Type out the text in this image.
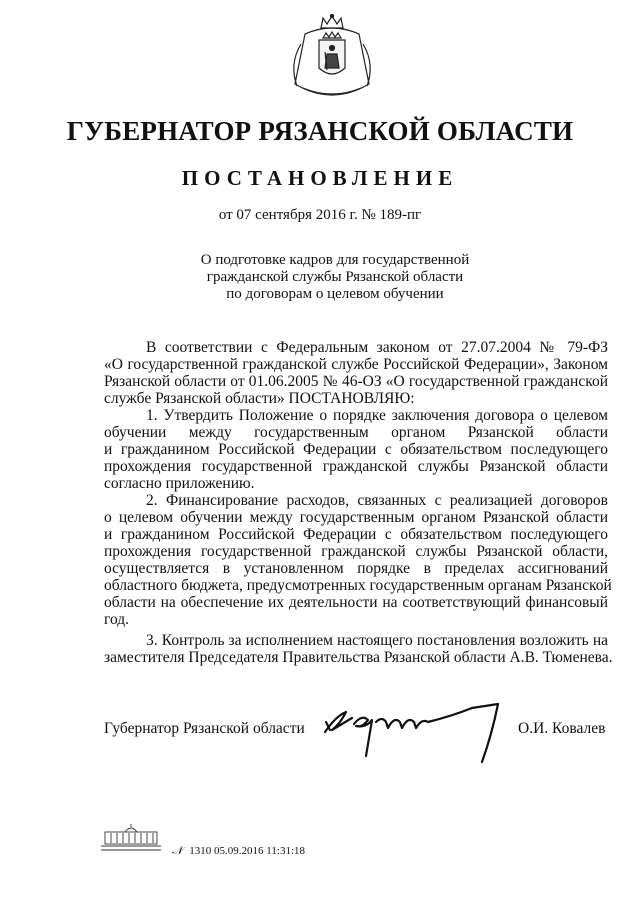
ГУБЕРНАТОР РЯЗАНСКОЙ ОБЛАСТИ
ПОСТАНОВЛЕНИЕ
от 07 сентября 2016 г. № 189-пг
О подготовке кадров для государственной
гражданской службы Рязанской области
по договорам о целевом обучении
В соответствии с Федеральным законом от 27.07.2004 № 79-ФЗ
«О государственной гражданской службе Российской Федерации», Законом
Рязанской области от 01.06.2005 № 46-ОЗ «О государственной гражданской
службе Рязанской области» ПОСТАНОВЛЯЮ:
1. Утвердить Положение о порядке заключения договора о целевом
обучении между государственным органом Рязанской области
и гражданином Российской Федерации с обязательством последующего
прохождения государственной гражданской службы Рязанской области
согласно приложению.
2. Финансирование расходов, связанных с реализацией договоров
о целевом обучении между государственным органом Рязанской области
и гражданином Российской Федерации с обязательством последующего
прохождения государственной гражданской службы Рязанской области,
осуществляется в установленном порядке в пределах ассигнований
областного бюджета, предусмотренных государственным органам Рязанской
области на обеспечение их деятельности на соответствующий финансовый
год.
3. Контроль за исполнением настоящего постановления возложить на
заместителя Председателя Правительства Рязанской области А.В. Тюменева.
Губернатор Рязанской области	О.И. Ковалев
𝒩 1310 05.09.2016 11:31:18
